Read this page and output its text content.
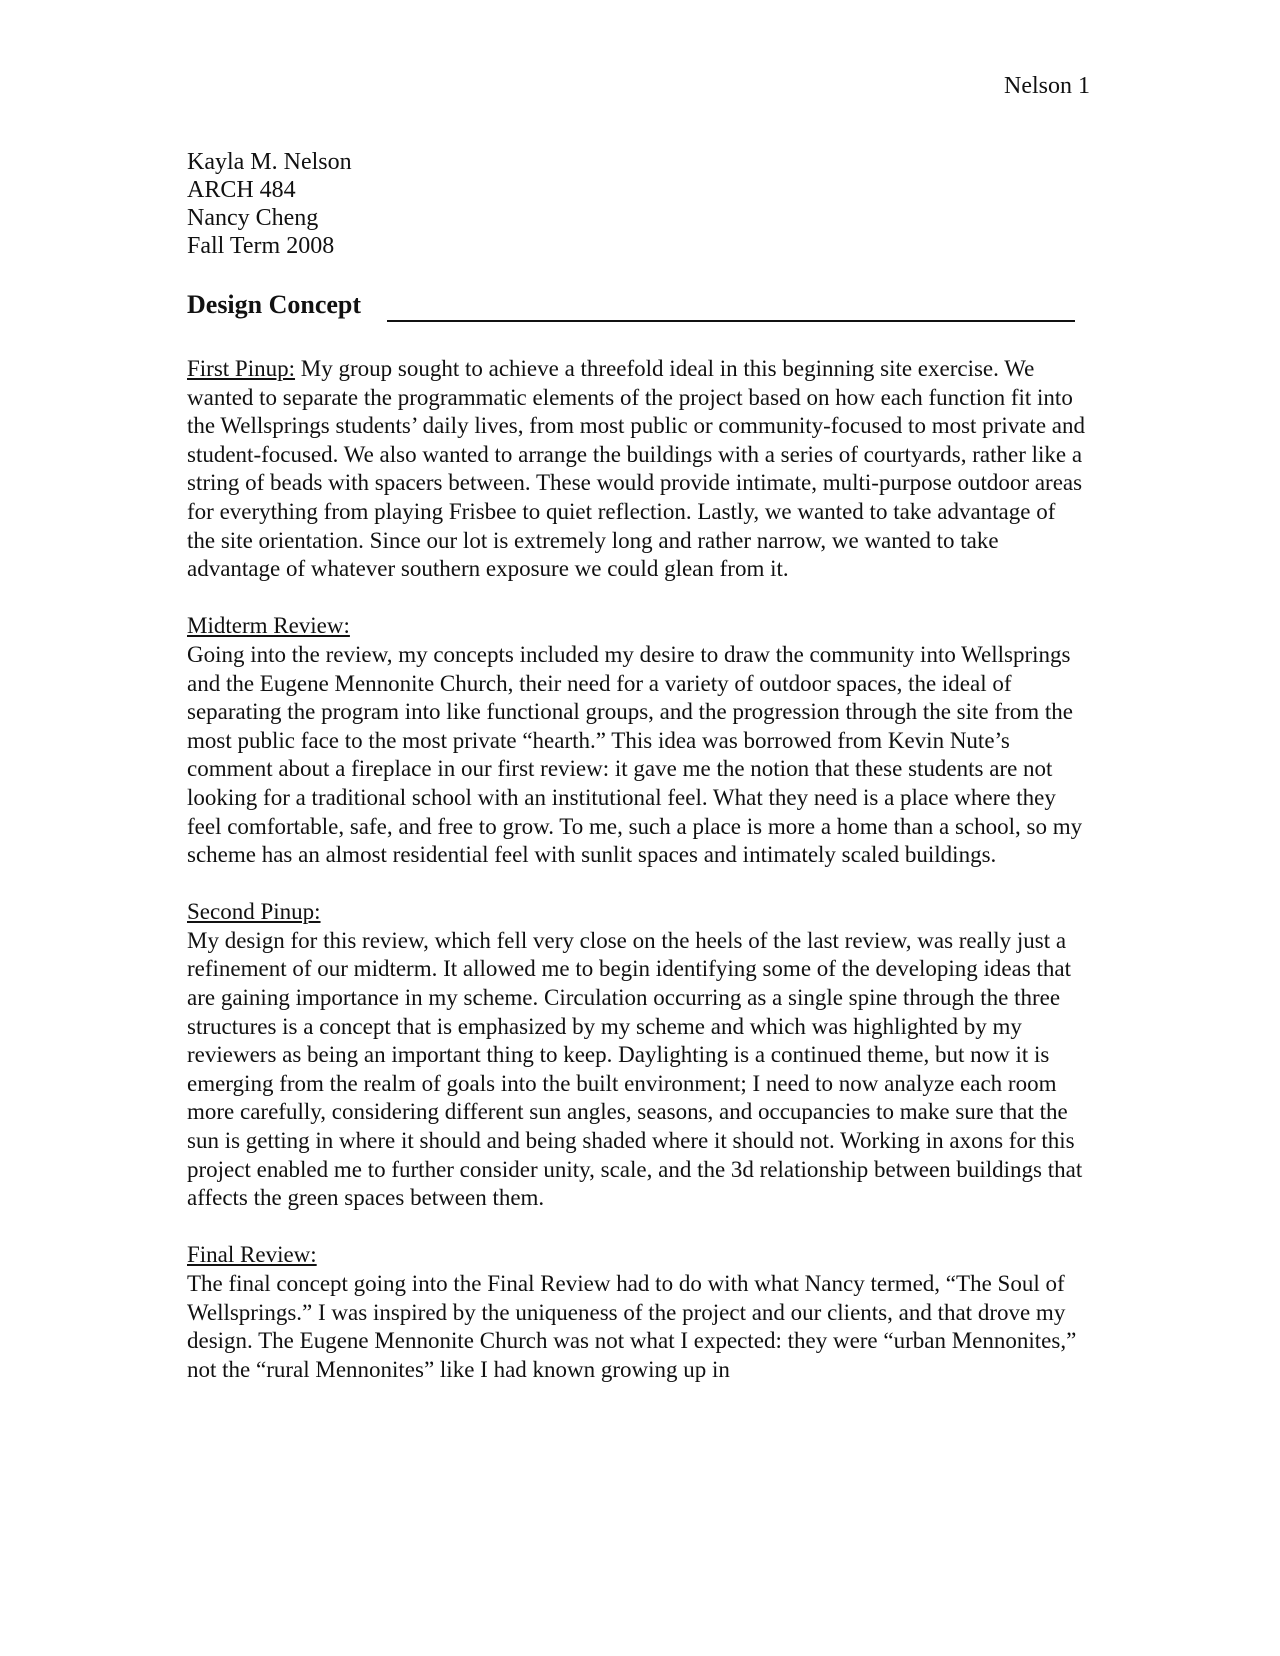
Nelson 1
Kayla M. Nelson
ARCH 484
Nancy Cheng
Fall Term 2008
Design Concept

First Pinup: My group sought to achieve a threefold ideal in this beginning site exercise. We wanted to separate the programmatic elements of the project based on how each function fit into the Wellsprings students’ daily lives, from most public or community-focused to most private and student-focused. We also wanted to arrange the buildings with a series of courtyards, rather like a string of beads with spacers between. These would provide intimate, multi-purpose outdoor areas for everything from playing Frisbee to quiet reflection. Lastly, we wanted to take advantage of the site orientation. Since our lot is extremely long and rather narrow, we wanted to take advantage of whatever southern exposure we could glean from it.

Midterm Review:
Going into the review, my concepts included my desire to draw the community into Wellsprings and the Eugene Mennonite Church, their need for a variety of outdoor spaces, the ideal of separating the program into like functional groups, and the progression through the site from the most public face to the most private “hearth.” This idea was borrowed from Kevin Nute’s comment about a fireplace in our first review: it gave me the notion that these students are not looking for a traditional school with an institutional feel. What they need is a place where they feel comfortable, safe, and free to grow. To me, such a place is more a home than a school, so my scheme has an almost residential feel with sunlit spaces and intimately scaled buildings.

Second Pinup:
My design for this review, which fell very close on the heels of the last review, was really just a refinement of our midterm. It allowed me to begin identifying some of the developing ideas that are gaining importance in my scheme. Circulation occurring as a single spine through the three structures is a concept that is emphasized by my scheme and which was highlighted by my reviewers as being an important thing to keep. Daylighting is a continued theme, but now it is emerging from the realm of goals into the built environment; I need to now analyze each room more carefully, considering different sun angles, seasons, and occupancies to make sure that the sun is getting in where it should and being shaded where it should not. Working in axons for this project enabled me to further consider unity, scale, and the 3d relationship between buildings that affects the green spaces between them.

Final Review:
The final concept going into the Final Review had to do with what Nancy termed, “The Soul of Wellsprings.” I was inspired by the uniqueness of the project and our clients, and that drove my design. The Eugene Mennonite Church was not what I expected: they were “urban Mennonites,” not the “rural Mennonites” like I had known growing up in
